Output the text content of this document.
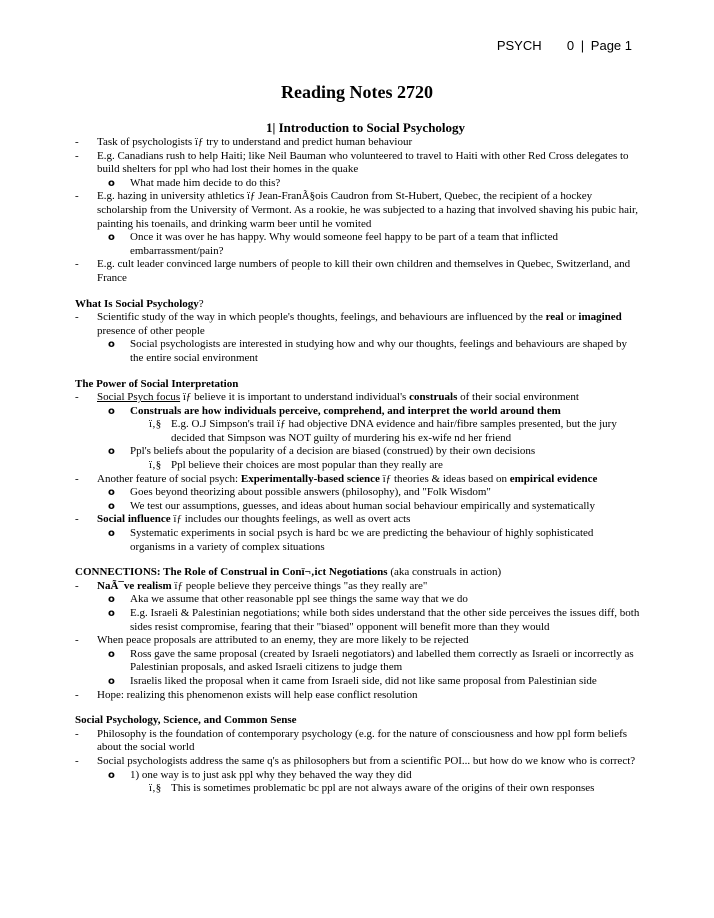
PSYCH 0 | Page 1
Reading Notes 2720
1| Introduction to Social Psychology
- Task of psychologists ïƒ try to understand and predict human behaviour
- E.g. Canadians rush to help Haiti; like Neil Bauman who volunteered to travel to Haiti with other Red Cross delegates to build shelters for ppl who had lost their homes in the quake
o What made him decide to do this?
- E.g. hazing in university athletics ïƒ Jean-FranÃ§ois Caudron from St-Hubert, Quebec, the recipient of a hockey scholarship from the University of Vermont. As a rookie, he was subjected to a hazing that involved shaving his pubic hair, painting his toenails, and drinking warm beer until he vomited
o Once it was over he has happy. Why would someone feel happy to be part of a team that inflicted embarrassment/pain?
- E.g. cult leader convinced large numbers of people to kill their own children and themselves in Quebec, Switzerland, and France
What Is Social Psychology?
- Scientific study of the way in which people's thoughts, feelings, and behaviours are influenced by the real or imagined presence of other people
o Social psychologists are interested in studying how and why our thoughts, feelings and behaviours are shaped by the entire social environment
The Power of Social Interpretation
- Social Psych focus ïƒ believe it is important to understand individual's construals of their social environment
o Construals are how individuals perceive, comprehend, and interpret the world around them
ï‚§ E.g. O.J Simpson's trail ïƒ had objective DNA evidence and hair/fibre samples presented, but the jury decided that Simpson was NOT guilty of murdering his ex-wife nd her friend
o Ppl's beliefs about the popularity of a decision are biased (construed) by their own decisions
ï‚§ Ppl believe their choices are most popular than they really are
- Another feature of social psych: Experimentally-based science ïƒ theories & ideas based on empirical evidence
o Goes beyond theorizing about possible answers (philosophy), and "Folk Wisdom"
o We test our assumptions, guesses, and ideas about human social behaviour empirically and systematically
- Social influence ïƒ includes our thoughts feelings, as well as overt acts
o Systematic experiments in social psych is hard bc we are predicting the behaviour of highly sophisticated organisms in a variety of complex situations
CONNECTIONS: The Role of Construal in Conï¬‚ict Negotiations (aka construals in action)
- NaÃ¯ve realism ïƒ people believe they perceive things "as they really are"
o Aka we assume that other reasonable ppl see things the same way that we do
o E.g. Israeli & Palestinian negotiations; while both sides understand that the other side perceives the issues diff, both sides resist compromise, fearing that their "biased" opponent will benefit more than they would
- When peace proposals are attributed to an enemy, they are more likely to be rejected
o Ross gave the same proposal (created by Israeli negotiators) and labelled them correctly as Israeli or incorrectly as Palestinian proposals, and asked Israeli citizens to judge them
o Israelis liked the proposal when it came from Israeli side, did not like same proposal from Palestinian side
- Hope: realizing this phenomenon exists will help ease conflict resolution
Social Psychology, Science, and Common Sense
- Philosophy is the foundation of contemporary psychology (e.g. for the nature of consciousness and how ppl form beliefs about the social world
- Social psychologists address the same q's as philosophers but from a scientific POI... but how do we know who is correct?
o 1) one way is to just ask ppl why they behaved the way they did
ï‚§ This is sometimes problematic bc ppl are not always aware of the origins of their own responses
